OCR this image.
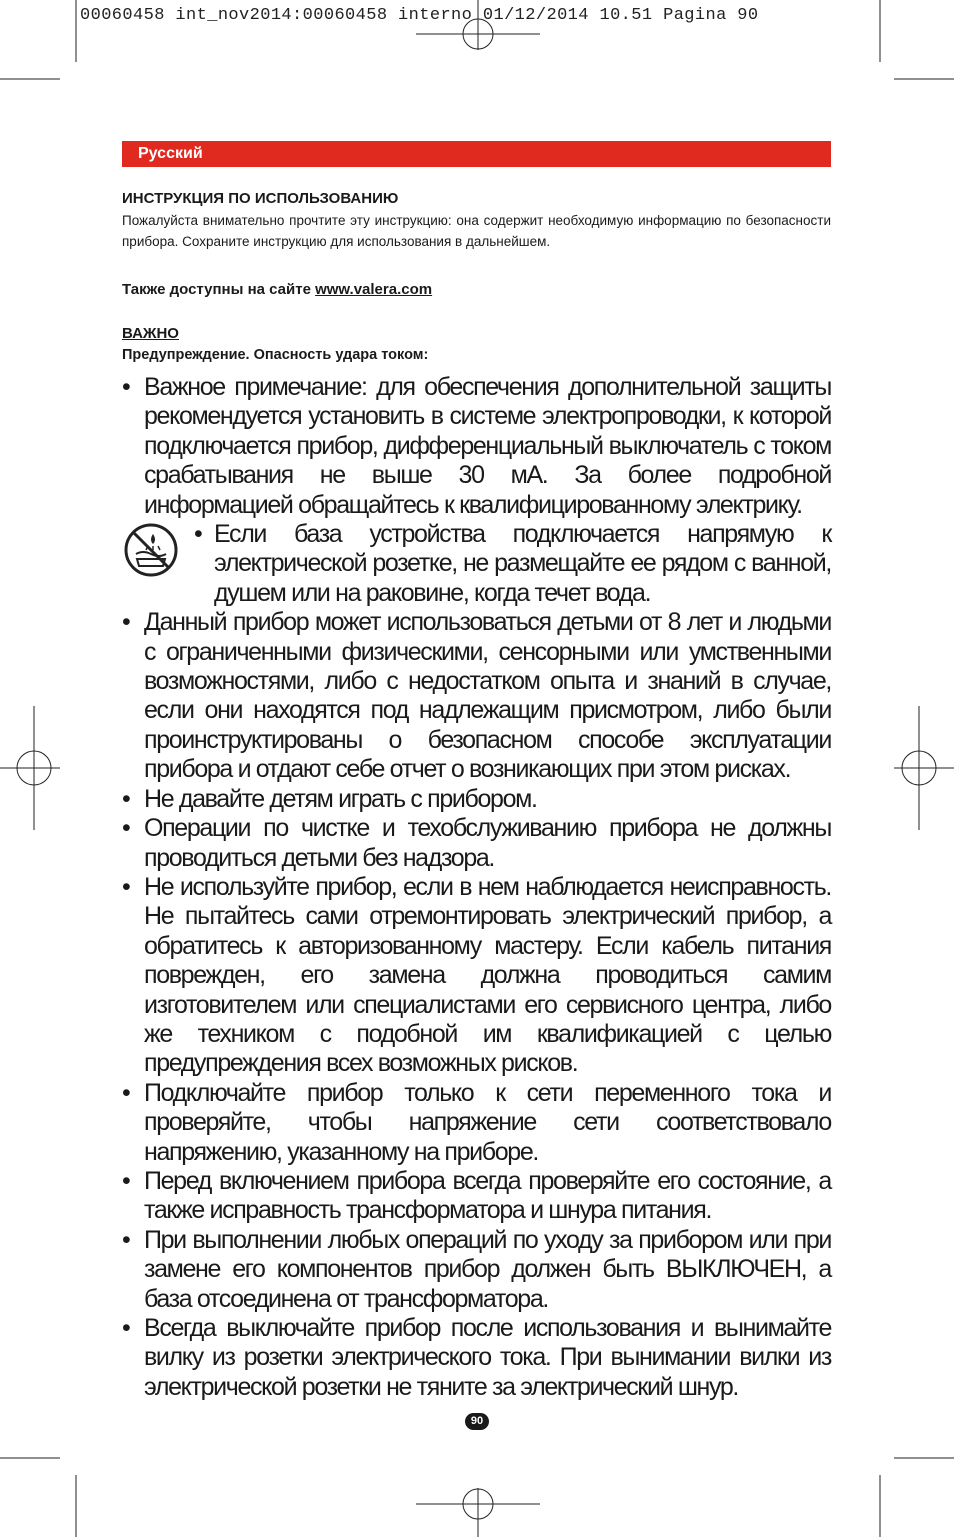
00060458 int_nov2014:00060458 interno 01/12/2014 10.51 Pagina 90
Русский
ИНСТРУКЦИЯ ПО ИСПОЛЬЗОВАНИЮ
Пожалуйста внимательно прочтите эту инструкцию: она содержит необходимую информацию по безопасности прибора. Сохраните инструкцию для использования в дальнейшем.
Также доступны на сайте www.valera.com
ВАЖНО
Предупреждение. Опасность удара током:
• Важное примечание: для обеспечения дополнительной защиты рекомендуется установить в системе электропроводки, к которой подключается прибор, дифференциальный выключатель с током срабатывания не выше 30 мА. За более подробной информацией обращайтесь к квалифицированному электрику.
• Если база устройства подключается напрямую к электрической розетке, не размещайте ее рядом с ванной, душем или на раковине, когда течет вода.
• Данный прибор может использоваться детьми от 8 лет и людьми с ограниченными физическими, сенсорными или умственными возможностями, либо с недостатком опыта и знаний в случае, если они находятся под надлежащим присмотром, либо были проинструктированы о безопасном способе эксплуатации прибора и отдают себе отчет о возникающих при этом рисках.
• Не давайте детям играть с прибором.
• Операции по чистке и техобслуживанию прибора не должны проводиться детьми без надзора.
• Не используйте прибор, если в нем наблюдается неисправность. Не пытайтесь сами отремонтировать электрический прибор, а обратитесь к авторизованному мастеру. Если кабель питания поврежден, его замена должна проводиться самим изготовителем или специалистами его сервисного центра, либо же техником с подобной им квалификацией с целью предупреждения всех возможных рисков.
• Подключайте прибор только к сети переменного тока и проверяйте, чтобы напряжение сети соответствовало напряжению, указанному на приборе.
• Перед включением прибора всегда проверяйте его состояние, а также исправность трансформатора и шнура питания.
• При выполнении любых операций по уходу за прибором или при замене его компонентов прибор должен быть ВЫКЛЮЧЕН, а база отсоединена от трансформатора.
• Всегда выключайте прибор после использования и вынимайте вилку из розетки электрического тока. При вынимании вилки из электрической розетки не тяните за электрический шнур.
90
